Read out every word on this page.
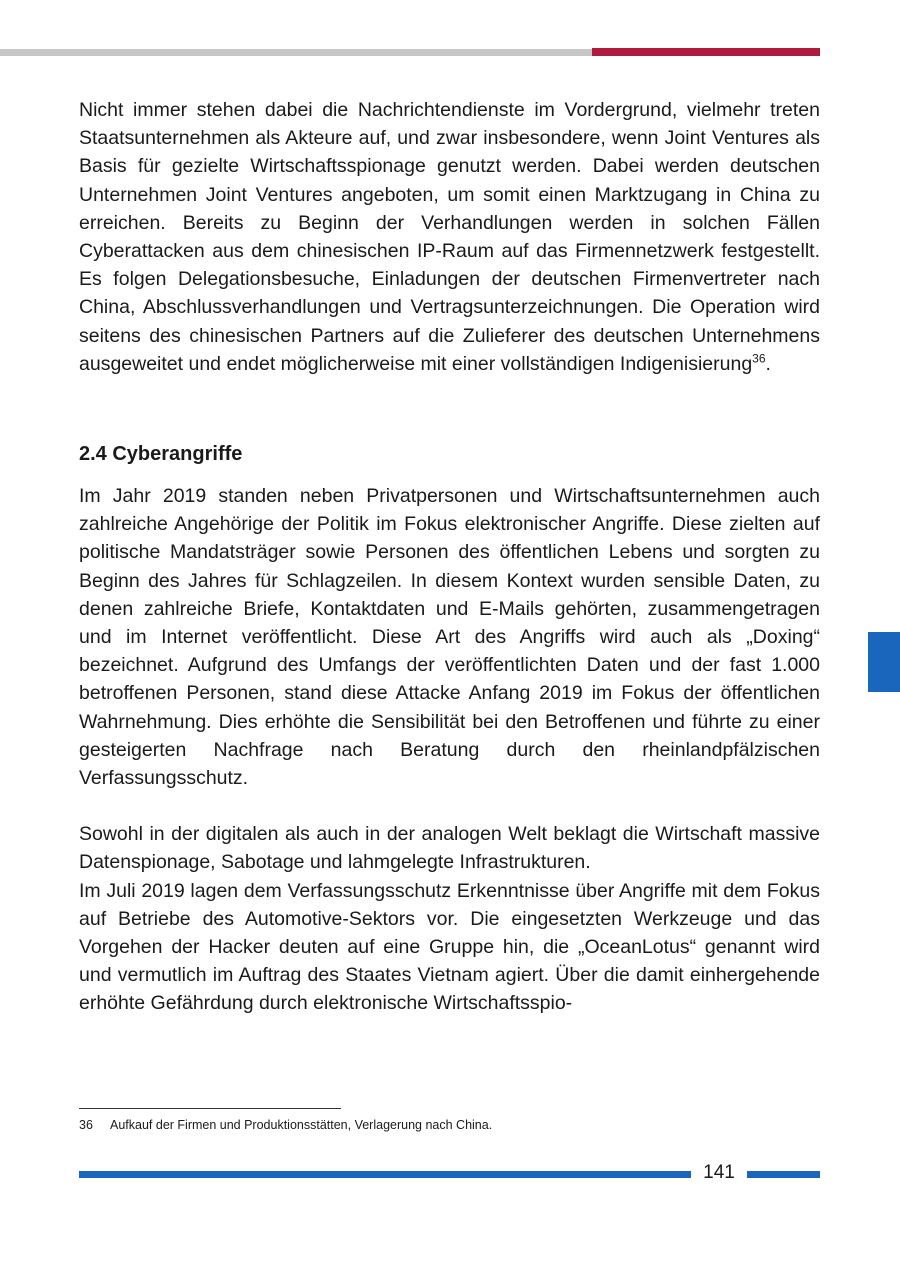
Nicht immer stehen dabei die Nachrichtendienste im Vordergrund, vielmehr treten Staatsunternehmen als Akteure auf, und zwar insbesondere, wenn Joint Ventures als Basis für gezielte Wirtschaftsspionage genutzt werden. Dabei werden deutschen Unternehmen Joint Ventures angeboten, um somit einen Marktzugang in China zu erreichen. Bereits zu Beginn der Verhandlungen werden in solchen Fällen Cyberattacken aus dem chinesischen IP-Raum auf das Firmennetzwerk festgestellt. Es folgen Delegationsbesuche, Einladungen der deutschen Firmenvertreter nach China, Abschlussverhandlungen und Vertragsunterzeichnungen. Die Operation wird seitens des chinesischen Partners auf die Zulieferer des deutschen Unternehmens ausgeweitet und endet möglicherweise mit einer vollständigen Indigenisierung$^{36}$.

2.4 Cyberangriffe

Im Jahr 2019 standen neben Privatpersonen und Wirtschaftsunternehmen auch zahlreiche Angehörige der Politik im Fokus elektronischer Angriffe. Diese zielten auf politische Mandatsträger sowie Personen des öffentlichen Lebens und sorgten zu Beginn des Jahres für Schlagzeilen. In diesem Kontext wurden sensible Daten, zu denen zahlreiche Briefe, Kontaktdaten und E-Mails gehörten, zusammengetragen und im Internet veröffentlicht. Diese Art des Angriffs wird auch als „Doxing“ bezeichnet. Aufgrund des Umfangs der veröffentlichten Daten und der fast 1.000 betroffenen Personen, stand diese Attacke Anfang 2019 im Fokus der öffentlichen Wahrnehmung. Dies erhöhte die Sensibilität bei den Betroffenen und führte zu einer gesteigerten Nachfrage nach Beratung durch den rheinlandpfälzischen Verfassungsschutz.

Sowohl in der digitalen als auch in der analogen Welt beklagt die Wirtschaft massive Datenspionage, Sabotage und lahmgelegte Infrastrukturen.

Im Juli 2019 lagen dem Verfassungsschutz Erkenntnisse über Angriffe mit dem Fokus auf Betriebe des Automotive-Sektors vor. Die eingesetzten Werkzeuge und das Vorgehen der Hacker deuten auf eine Gruppe hin, die „OceanLotus“ genannt wird und vermutlich im Auftrag des Staates Vietnam agiert. Über die damit einhergehende erhöhte Gefährdung durch elektronische Wirtschaftsspio-

36 Aufkauf der Firmen und Produktionsstätten, Verlagerung nach China.
141
